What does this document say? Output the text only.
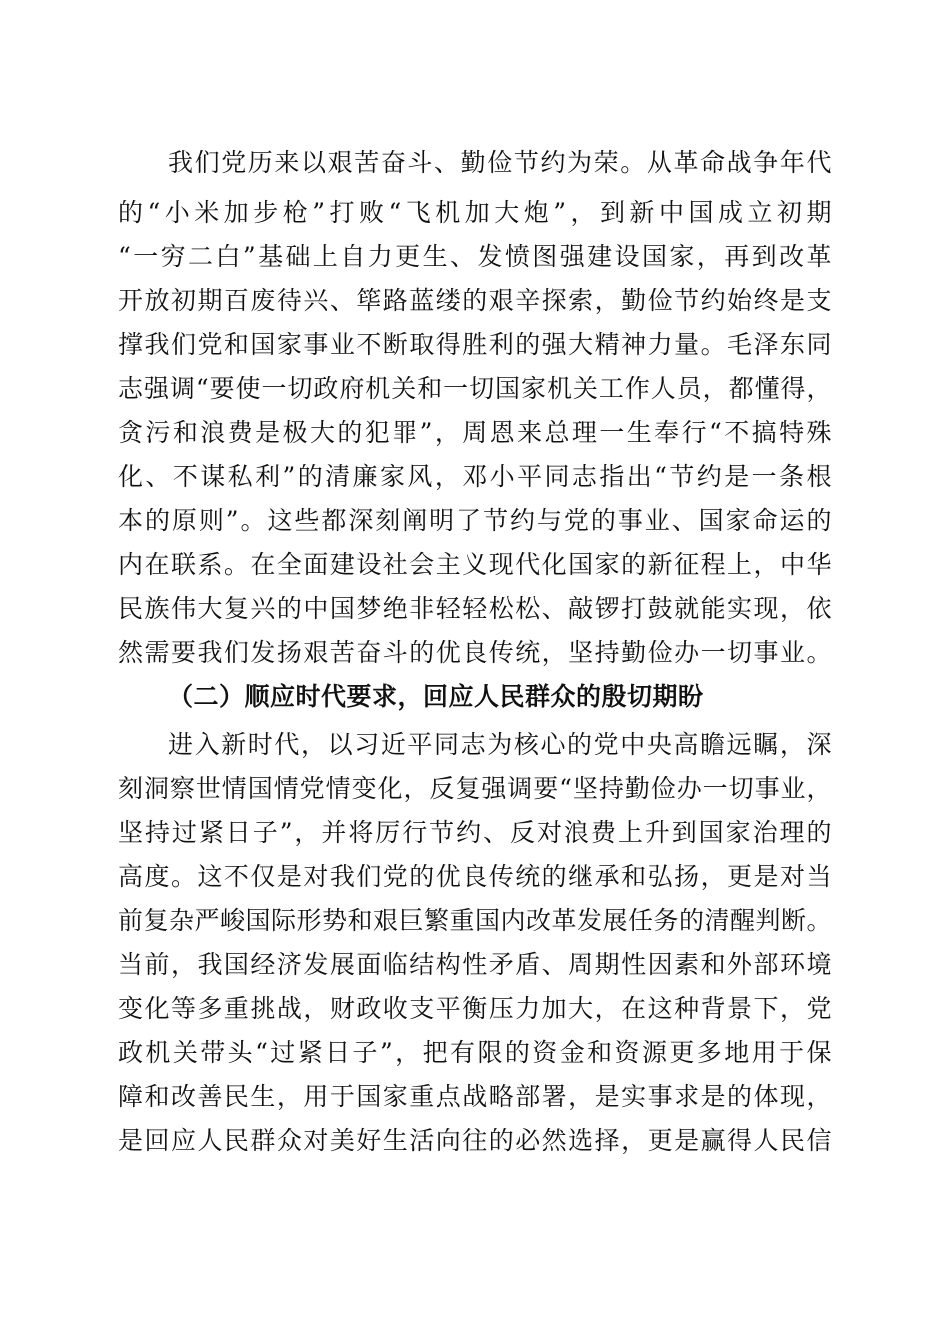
我们党历来以艰苦奋斗、勤俭节约为荣。从革命战争年代
的“小米加步枪”打败“飞机加大炮”，到新中国成立初期
“一穷二白”基础上自力更生、发愤图强建设国家，再到改革
开放初期百废待兴、筚路蓝缕的艰辛探索，勤俭节约始终是支
撑我们党和国家事业不断取得胜利的强大精神力量。毛泽东同
志强调“要使一切政府机关和一切国家机关工作人员，都懂得，
贪污和浪费是极大的犯罪”，周恩来总理一生奉行“不搞特殊
化、不谋私利”的清廉家风，邓小平同志指出“节约是一条根
本的原则”。这些都深刻阐明了节约与党的事业、国家命运的
内在联系。在全面建设社会主义现代化国家的新征程上，中华
民族伟大复兴的中国梦绝非轻轻松松、敲锣打鼓就能实现，依
然需要我们发扬艰苦奋斗的优良传统，坚持勤俭办一切事业。
（二）顺应时代要求，回应人民群众的殷切期盼
进入新时代，以习近平同志为核心的党中央高瞻远瞩，深
刻洞察世情国情党情变化，反复强调要“坚持勤俭办一切事业，
坚持过紧日子”，并将厉行节约、反对浪费上升到国家治理的
高度。这不仅是对我们党的优良传统的继承和弘扬，更是对当
前复杂严峻国际形势和艰巨繁重国内改革发展任务的清醒判断。
当前，我国经济发展面临结构性矛盾、周期性因素和外部环境
变化等多重挑战，财政收支平衡压力加大，在这种背景下，党
政机关带头“过紧日子”，把有限的资金和资源更多地用于保
障和改善民生，用于国家重点战略部署，是实事求是的体现，
是回应人民群众对美好生活向往的必然选择，更是赢得人民信
